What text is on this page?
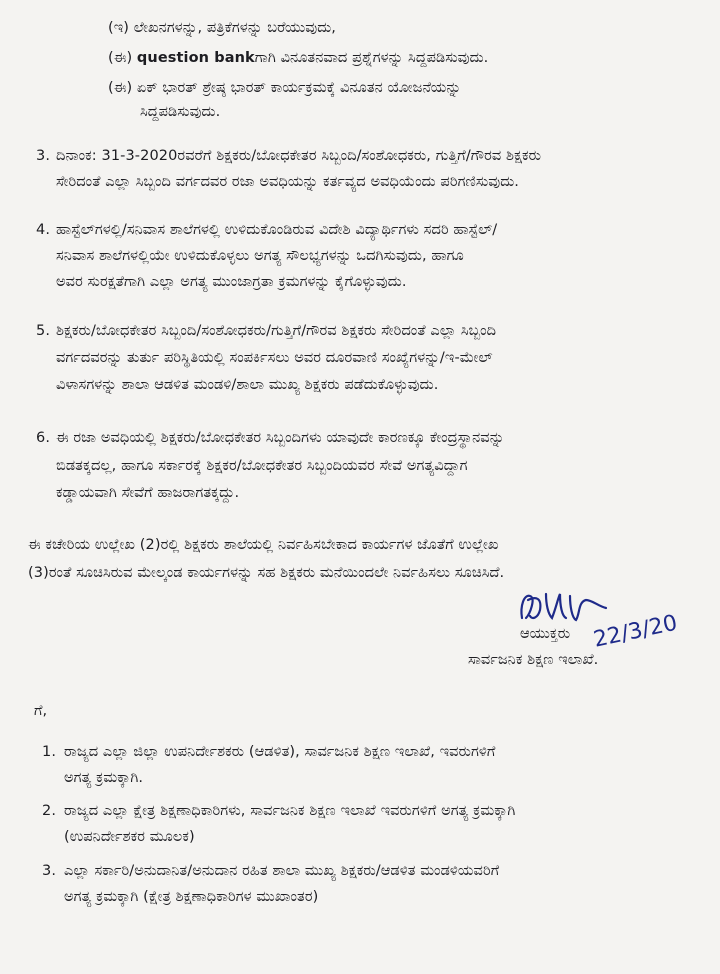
(ಇ) ಲೇಖನಗಳನ್ನು, ಪತ್ರಿಕೆಗಳನ್ನು ಬರೆಯುವುದು,
(ಈ) question bankಗಾಗಿ ವಿನೂತನವಾದ ಪ್ರಶ್ನೆಗಳನ್ನು ಸಿದ್ದಪಡಿಸುವುದು.
(ಈ) ಏಕ್ ಭಾರತ್ ಶ್ರೇಷ್ಠ ಭಾರತ್ ಕಾರ್ಯಕ್ರಮಕ್ಕೆ ವಿನೂತನ ಯೋಜನೆಯನ್ನು
ಸಿದ್ದಪಡಿಸುವುದು.
3. ದಿನಾಂಕ: 31-3-2020ರವರೆಗೆ ಶಿಕ್ಷಕರು/ಬೋಧಕೇತರ ಸಿಬ್ಬಂದಿ/ಸಂಶೋಧಕರು, ಗುತ್ತಿಗೆ/ಗೌರವ ಶಿಕ್ಷಕರು
ಸೇರಿದಂತೆ ಎಲ್ಲಾ ಸಿಬ್ಬಂದಿ ವರ್ಗದವರ ರಜಾ ಅವಧಿಯನ್ನು ಕರ್ತವ್ಯದ ಅವಧಿಯೆಂದು ಪರಿಗಣಿಸುವುದು.
4. ಹಾಸ್ಟೆಲ್‌ಗಳಲ್ಲಿ/ಸನಿವಾಸ ಶಾಲೆಗಳಲ್ಲಿ ಉಳಿದುಕೊಂಡಿರುವ ವಿದೇಶಿ ವಿದ್ಯಾರ್ಥಿಗಳು ಸದರಿ ಹಾಸ್ಟೆಲ್/
ಸನಿವಾಸ ಶಾಲೆಗಳಲ್ಲಿಯೇ ಉಳಿದುಕೊಳ್ಳಲು ಅಗತ್ಯ ಸೌಲಭ್ಯಗಳನ್ನು ಒದಗಿಸುವುದು, ಹಾಗೂ
ಅವರ ಸುರಕ್ಷತೆಗಾಗಿ ಎಲ್ಲಾ ಅಗತ್ಯ ಮುಂಜಾಗ್ರತಾ ಕ್ರಮಗಳನ್ನು ಕೈಗೊಳ್ಳುವುದು.
5. ಶಿಕ್ಷಕರು/ಬೋಧಕೇತರ ಸಿಬ್ಬಂದಿ/ಸಂಶೋಧಕರು/ಗುತ್ತಿಗೆ/ಗೌರವ ಶಿಕ್ಷಕರು ಸೇರಿದಂತೆ ಎಲ್ಲಾ ಸಿಬ್ಬಂದಿ
ವರ್ಗದವರನ್ನು ತುರ್ತು ಪರಿಸ್ಥಿತಿಯಲ್ಲಿ ಸಂಪರ್ಕಿಸಲು ಅವರ ದೂರವಾಣಿ ಸಂಖ್ಯೆಗಳನ್ನು/ಇ-ಮೇಲ್
ವಿಳಾಸಗಳನ್ನು ಶಾಲಾ ಆಡಳಿತ ಮಂಡಳಿ/ಶಾಲಾ ಮುಖ್ಯ ಶಿಕ್ಷಕರು ಪಡೆದುಕೊಳ್ಳುವುದು.
6. ಈ ರಜಾ ಅವಧಿಯಲ್ಲಿ ಶಿಕ್ಷಕರು/ಬೋಧಕೇತರ ಸಿಬ್ಬಂದಿಗಳು ಯಾವುದೇ ಕಾರಣಕ್ಕೂ ಕೇಂದ್ರಸ್ಥಾನವನ್ನು
ಬಿಡತಕ್ಕದಲ್ಲ, ಹಾಗೂ ಸರ್ಕಾರಕ್ಕೆ ಶಿಕ್ಷಕರ/ಬೋಧಕೇತರ ಸಿಬ್ಬಂದಿಯವರ ಸೇವೆ ಅಗತ್ಯವಿದ್ದಾಗ
ಕಡ್ಡಾಯವಾಗಿ ಸೇವೆಗೆ ಹಾಜರಾಗತಕ್ಕದ್ದು.
ಈ ಕಚೇರಿಯ ಉಲ್ಲೇಖ (2)ರಲ್ಲಿ ಶಿಕ್ಷಕರು ಶಾಲೆಯಲ್ಲಿ ನಿರ್ವಹಿಸಬೇಕಾದ ಕಾರ್ಯಗಳ ಜೊತೆಗೆ ಉಲ್ಲೇಖ
(3)ರಂತೆ ಸೂಚಿಸಿರುವ ಮೇಲ್ಕಂಡ ಕಾರ್ಯಗಳನ್ನು ಸಹ ಶಿಕ್ಷಕರು ಮನೆಯಿಂದಲೇ ನಿರ್ವಹಿಸಲು ಸೂಚಿಸಿದೆ.
22/3/20
ಆಯುಕ್ತರು
ಸಾರ್ವಜನಿಕ ಶಿಕ್ಷಣ ಇಲಾಖೆ.
ಗೆ,
1. ರಾಜ್ಯದ ಎಲ್ಲಾ ಜಿಲ್ಲಾ ಉಪನಿರ್ದೇಶಕರು (ಆಡಳಿತ), ಸಾರ್ವಜನಿಕ ಶಿಕ್ಷಣ ಇಲಾಖೆ, ಇವರುಗಳಿಗೆ
ಅಗತ್ಯ ಕ್ರಮಕ್ಕಾಗಿ.
2. ರಾಜ್ಯದ ಎಲ್ಲಾ ಕ್ಷೇತ್ರ ಶಿಕ್ಷಣಾಧಿಕಾರಿಗಳು, ಸಾರ್ವಜನಿಕ ಶಿಕ್ಷಣ ಇಲಾಖೆ ಇವರುಗಳಿಗೆ ಅಗತ್ಯ ಕ್ರಮಕ್ಕಾಗಿ
(ಉಪನಿರ್ದೇಶಕರ ಮೂಲಕ)
3. ಎಲ್ಲಾ ಸರ್ಕಾರಿ/ಅನುದಾನಿತ/ಅನುದಾನ ರಹಿತ ಶಾಲಾ ಮುಖ್ಯ ಶಿಕ್ಷಕರು/ಆಡಳಿತ ಮಂಡಳಿಯವರಿಗೆ
ಅಗತ್ಯ ಕ್ರಮಕ್ಕಾಗಿ (ಕ್ಷೇತ್ರ ಶಿಕ್ಷಣಾಧಿಕಾರಿಗಳ ಮುಖಾಂತರ)
